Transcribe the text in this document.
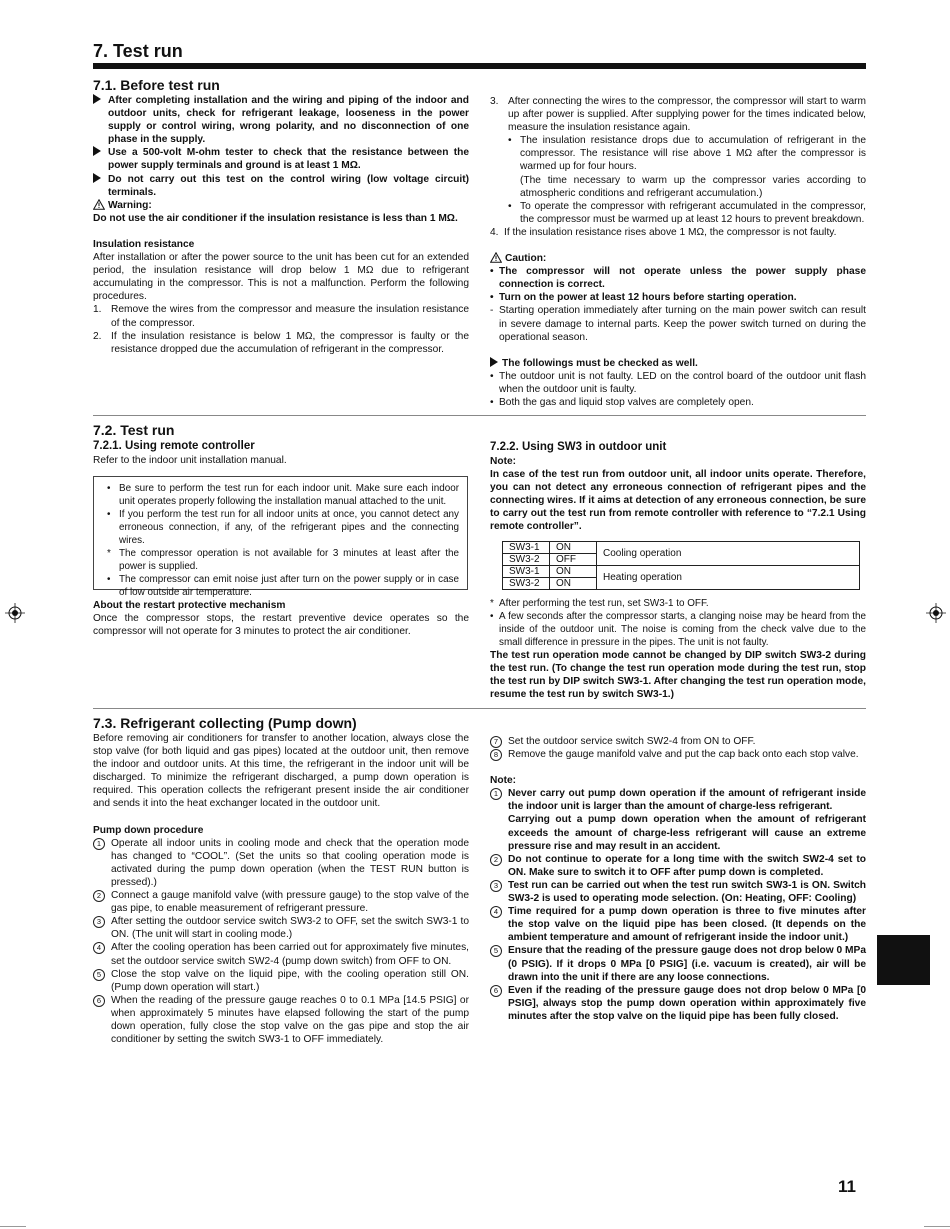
7. Test run
7.1. Before test run
After completing installation and the wiring and piping of the indoor and outdoor units, check for refrigerant leakage, looseness in the power supply or control wiring, wrong polarity, and no disconnection of one phase in the supply.
Use a 500-volt M-ohm tester to check that the resistance between the power supply terminals and ground is at least 1 MΩ.
Do not carry out this test on the control wiring (low voltage circuit) terminals.
Warning:

Do not use the air conditioner if the insulation resistance is less than 1 MΩ.

Insulation resistance

After installation or after the power source to the unit has been cut for an extended period, the insulation resistance will drop below 1 MΩ due to refrigerant accumulating in the compressor. This is not a malfunction. Perform the following procedures.

1. Remove the wires from the compressor and measure the insulation resistance of the compressor.
2. If the insulation resistance is below 1 MΩ, the compressor is faulty or the resistance dropped due the accumulation of refrigerant in the compressor.
3. After connecting the wires to the compressor, the compressor will start to warm up after power is supplied. After supplying power for the times indicated below, measure the insulation resistance again.
• The insulation resistance drops due to accumulation of refrigerant in the compressor. The resistance will rise above 1 MΩ after the compressor is warmed up for four hours.
(The time necessary to warm up the compressor varies according to atmospheric conditions and refrigerant accumulation.)
• To operate the compressor with refrigerant accumulated in the compressor, the compressor must be warmed up at least 12 hours to prevent breakdown.
4. If the insulation resistance rises above 1 MΩ, the compressor is not faulty.
Caution:
• The compressor will not operate unless the power supply phase connection is correct.
• Turn on the power at least 12 hours before starting operation.
- Starting operation immediately after turning on the main power switch can result in severe damage to internal parts. Keep the power switch turned on during the operational season.
The followings must be checked as well.
• The outdoor unit is not faulty. LED on the control board of the outdoor unit flash when the outdoor unit is faulty.
• Both the gas and liquid stop valves are completely open.
7.2. Test run
7.2.1. Using remote controller

Refer to the indoor unit installation manual.

• Be sure to perform the test run for each indoor unit. Make sure each indoor unit operates properly following the installation manual attached to the unit.
• If you perform the test run for all indoor units at once, you cannot detect any erroneous connection, if any, of the refrigerant pipes and the connecting wires.
* The compressor operation is not available for 3 minutes at least after the power is supplied.
• The compressor can emit noise just after turn on the power supply or in case of low outside air temperature.
About the restart protective mechanism

Once the compressor stops, the restart preventive device operates so the compressor will not operate for 3 minutes to protect the air conditioner.

7.2.2. Using SW3 in outdoor unit
Note:

In case of the test run from outdoor unit, all indoor units operate. Therefore, you can not detect any erroneous connection of refrigerant pipes and the connecting wires. If it aims at detection of any erroneous connection, be sure to carry out the test run from remote controller with reference to “7.2.1 Using remote controller”.

SW3-1	ON	Cooling operation
SW3-2	OFF	
SW3-1	ON	Heating operation
SW3-2	ON	
* After performing the test run, set SW3-1 to OFF.
• A few seconds after the compressor starts, a clanging noise may be heard from the inside of the outdoor unit. The noise is coming from the check valve due to the small difference in pressure in the pipes. The unit is not faulty.

The test run operation mode cannot be changed by DIP switch SW3-2 during the test run. (To change the test run operation mode during the test run, stop the test run by DIP switch SW3-1. After changing the test run operation mode, resume the test run by switch SW3-1.)

7.3. Refrigerant collecting (Pump down)

Before removing air conditioners for transfer to another location, always close the stop valve (for both liquid and gas pipes) located at the outdoor unit, then remove the indoor and outdoor units. At this time, the refrigerant in the indoor unit will be discharged. To minimize the refrigerant discharged, a pump down operation is required. This operation collects the refrigerant present inside the air conditioner and sends it into the heat exchanger located in the outdoor unit.

Pump down procedure
1 Operate all indoor units in cooling mode and check that the operation mode has changed to “COOL”. (Set the units so that cooling operation mode is activated during the pump down operation (when the TEST RUN button is pressed).)
2 Connect a gauge manifold valve (with pressure gauge) to the stop valve of the gas pipe, to enable measurement of refrigerant pressure.
3 After setting the outdoor service switch SW3-2 to OFF, set the switch SW3-1 to ON. (The unit will start in cooling mode.)
4 After the cooling operation has been carried out for approximately five minutes, set the outdoor service switch SW2-4 (pump down switch) from OFF to ON.
5 Close the stop valve on the liquid pipe, with the cooling operation still ON. (Pump down operation will start.)
6 When the reading of the pressure gauge reaches 0 to 0.1 MPa [14.5 PSIG] or when approximately 5 minutes have elapsed following the start of the pump down operation, fully close the stop valve on the gas pipe and stop the air conditioner by setting the switch SW3-1 to OFF immediately.
7 Set the outdoor service switch SW2-4 from ON to OFF.
8 Remove the gauge manifold valve and put the cap back onto each stop valve.
Note:
1 Never carry out pump down operation if the amount of refrigerant inside the indoor unit is larger than the amount of charge-less refrigerant.
Carrying out a pump down operation when the amount of refrigerant exceeds the amount of charge-less refrigerant will cause an extreme pressure rise and may result in an accident.
2 Do not continue to operate for a long time with the switch SW2-4 set to ON. Make sure to switch it to OFF after pump down is completed.
3 Test run can be carried out when the test run switch SW3-1 is ON. Switch SW3-2 is used to operating mode selection. (On: Heating, OFF: Cooling)
4 Time required for a pump down operation is three to five minutes after the stop valve on the liquid pipe has been closed. (It depends on the ambient temperature and amount of refrigerant inside the indoor unit.)
5 Ensure that the reading of the pressure gauge does not drop below 0 MPa (0 PSIG). If it drops 0 MPa [0 PSIG] (i.e. vacuum is created), air will be drawn into the unit if there are any loose connections.
6 Even if the reading of the pressure gauge does not drop below 0 MPa [0 PSIG], always stop the pump down operation within approximately five minutes after the stop valve on the liquid pipe has been fully closed.
11
